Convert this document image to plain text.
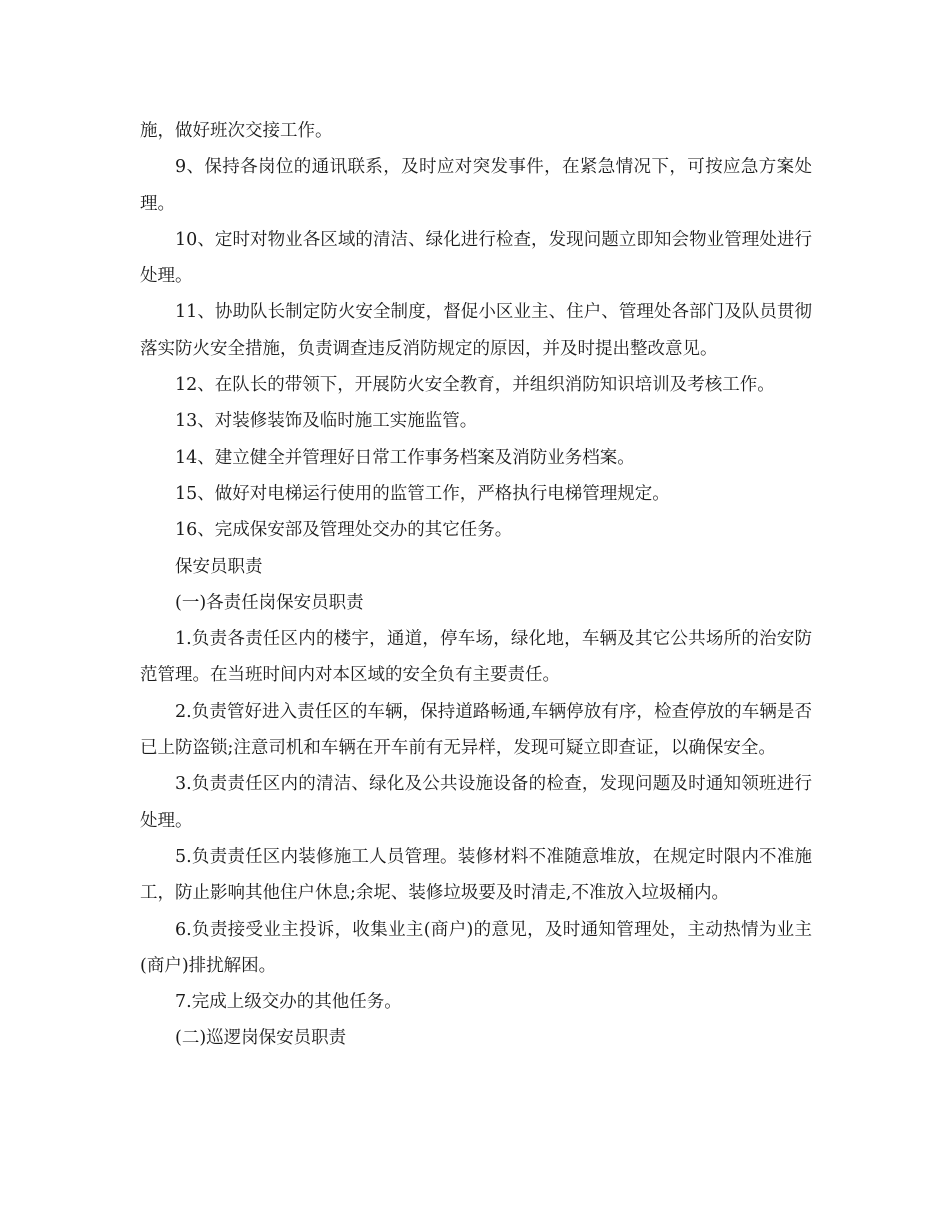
施，做好班次交接工作。

9、保持各岗位的通讯联系，及时应对突发事件，在紧急情况下，可按应急方案处理。

10、定时对物业各区域的清洁、绿化进行检查，发现问题立即知会物业管理处进行处理。

11、协助队长制定防火安全制度，督促小区业主、住户、管理处各部门及队员贯彻落实防火安全措施，负责调查违反消防规定的原因，并及时提出整改意见。

12、在队长的带领下，开展防火安全教育，并组织消防知识培训及考核工作。

13、对装修装饰及临时施工实施监管。

14、建立健全并管理好日常工作事务档案及消防业务档案。

15、做好对电梯运行使用的监管工作，严格执行电梯管理规定。

16、完成保安部及管理处交办的其它任务。

保安员职责

(一)各责任岗保安员职责

1.负责各责任区内的楼宇，通道，停车场，绿化地，车辆及其它公共场所的治安防范管理。在当班时间内对本区域的安全负有主要责任。

2.负责管好进入责任区的车辆，保持道路畅通,车辆停放有序，检查停放的车辆是否已上防盗锁;注意司机和车辆在开车前有无异样，发现可疑立即查证，以确保安全。

3.负责责任区内的清洁、绿化及公共设施设备的检查，发现问题及时通知领班进行处理。

5.负责责任区内装修施工人员管理。装修材料不准随意堆放，在规定时限内不准施工，防止影响其他住户休息;余坭、装修垃圾要及时清走,不准放入垃圾桶内。

6.负责接受业主投诉，收集业主(商户)的意见，及时通知管理处，主动热情为业主(商户)排扰解困。

7.完成上级交办的其他任务。

(二)巡逻岗保安员职责
